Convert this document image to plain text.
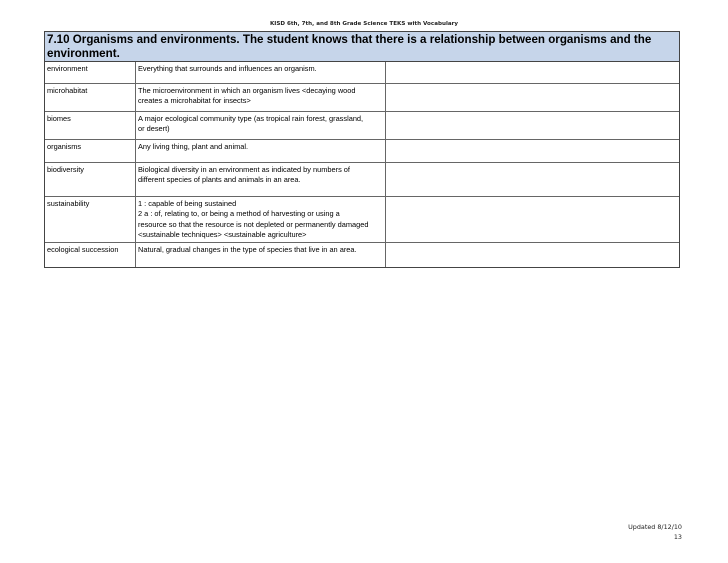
KISD 6th, 7th, and 8th Grade Science TEKS with Vocabulary
7.10 Organisms and environments. The student knows that there is a relationship between organisms and the environment.
environment	Everything that surrounds and influences an organism.
microhabitat	The microenvironment in which an organism lives <decaying wood
creates a microhabitat for insects>
biomes	A major ecological community type (as tropical rain forest, grassland,
or desert)
organisms	Any living thing, plant and animal.
biodiversity	Biological diversity in an environment as indicated by numbers of
different species of plants and animals in an area.
sustainability	1 : capable of being sustained
2 a : of, relating to, or being a method of harvesting or using a
resource so that the resource is not depleted or permanently damaged
<sustainable techniques> <sustainable agriculture>
ecological succession	Natural, gradual changes in the type of species that live in an area.
Updated 8/12/10
13
